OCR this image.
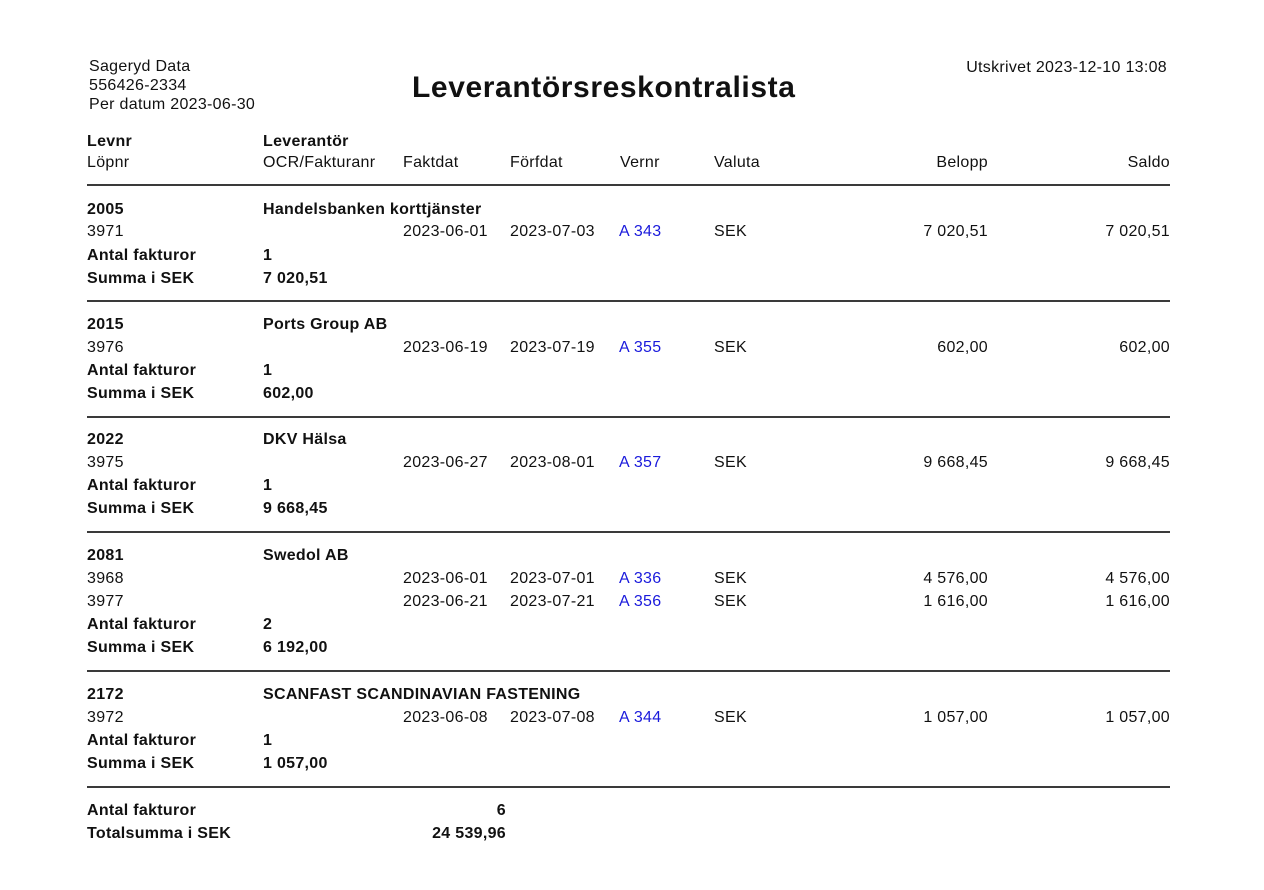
Sageryd Data
556426-2334
Per datum 2023-06-30
Leverantörsreskontralista
Utskrivet 2023-12-10 13:08
Levnr	Leverantör
Löpnr	OCR/Fakturanr Faktdat	Förfdat	Vernr	Valuta	Belopp	Saldo
2005	Handelsbanken korttjänster
3971	2023-06-01 2023-07-03 A 343	SEK	7 020,51	7 020,51
Antal fakturor	1
Summa i SEK	7 020,51
2015	Ports Group AB
3976	2023-06-19 2023-07-19 A 355	SEK	602,00	602,00
Antal fakturor	1
Summa i SEK	602,00
2022	DKV Hälsa
3975	2023-06-27 2023-08-01 A 357	SEK	9 668,45	9 668,45
Antal fakturor	1
Summa i SEK	9 668,45
2081	Swedol AB
3968	2023-06-01 2023-07-01 A 336	SEK	4 576,00	4 576,00
3977	2023-06-21 2023-07-21 A 356	SEK	1 616,00	1 616,00
Antal fakturor	2
Summa i SEK	6 192,00
2172	SCANFAST SCANDINAVIAN FASTENING
3972	2023-06-08 2023-07-08 A 344	SEK	1 057,00	1 057,00
Antal fakturor	1
Summa i SEK	1 057,00
Antal fakturor	6
Totalsumma i SEK	24 539,96
